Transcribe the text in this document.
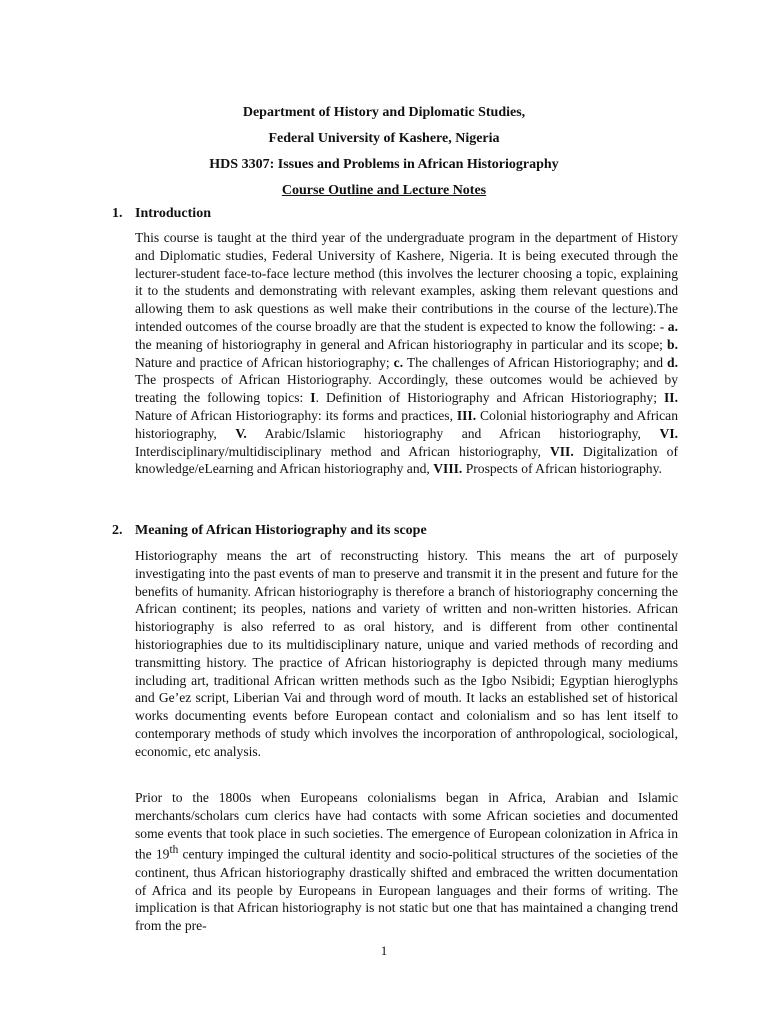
Department of History and Diplomatic Studies,
Federal University of Kashere, Nigeria
HDS 3307: Issues and Problems in African Historiography
Course Outline and Lecture Notes
1. Introduction

This course is taught at the third year of the undergraduate program in the department of History and Diplomatic studies, Federal University of Kashere, Nigeria. It is being executed through the lecturer-student face-to-face lecture method (this involves the lecturer choosing a topic, explaining it to the students and demonstrating with relevant examples, asking them relevant questions and allowing them to ask questions as well make their contributions in the course of the lecture).The intended outcomes of the course broadly are that the student is expected to know the following: - a. the meaning of historiography in general and African historiography in particular and its scope; b. Nature and practice of African historiography; c. The challenges of African Historiography; and d. The prospects of African Historiography. Accordingly, these outcomes would be achieved by treating the following topics: I. Definition of Historiography and African Historiography; II. Nature of African Historiography: its forms and practices, III. Colonial historiography and African historiography, V. Arabic/Islamic historiography and African historiography, VI. Interdisciplinary/multidisciplinary method and African historiography, VII. Digitalization of knowledge/eLearning and African historiography and, VIII. Prospects of African historiography.

2. Meaning of African Historiography and its scope

Historiography means the art of reconstructing history. This means the art of purposely investigating into the past events of man to preserve and transmit it in the present and future for the benefits of humanity. African historiography is therefore a branch of historiography concerning the African continent; its peoples, nations and variety of written and non-written histories. African historiography is also referred to as oral history, and is different from other continental historiographies due to its multidisciplinary nature, unique and varied methods of recording and transmitting history. The practice of African historiography is depicted through many mediums including art, traditional African written methods such as the Igbo Nsibidi; Egyptian hieroglyphs and Ge’ez script, Liberian Vai and through word of mouth. It lacks an established set of historical works documenting events before European contact and colonialism and so has lent itself to contemporary methods of study which involves the incorporation of anthropological, sociological, economic, etc analysis.

Prior to the 1800s when Europeans colonialisms began in Africa, Arabian and Islamic merchants/scholars cum clerics have had contacts with some African societies and documented some events that took place in such societies. The emergence of European colonization in Africa in the 19th century impinged the cultural identity and socio-political structures of the societies of the continent, thus African historiography drastically shifted and embraced the written documentation of Africa and its people by Europeans in European languages and their forms of writing. The implication is that African historiography is not static but one that has maintained a changing trend from the pre-

1
